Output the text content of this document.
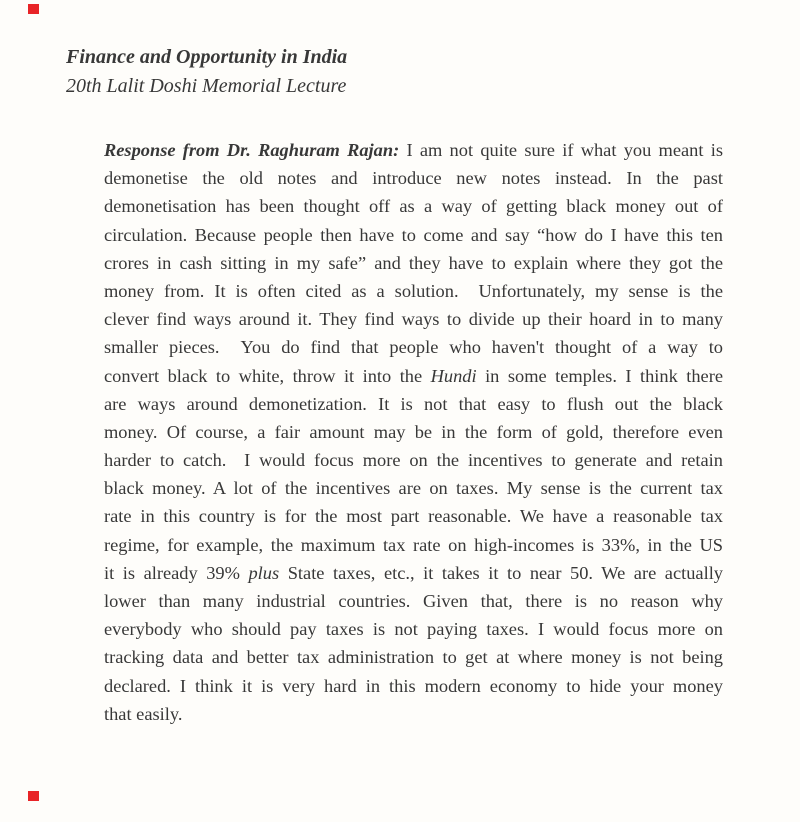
Finance and Opportunity in India
20th Lalit Doshi Memorial Lecture
Response from Dr. Raghuram Rajan: I am not quite sure if what you meant is
demonetise the old notes and introduce new notes instead. In the past
demonetisation has been thought off as a way of getting black money out of
circulation. Because people then have to come and say “how do I have this ten
crores in cash sitting in my safe” and they have to explain where they got the
money from. It is often cited as a solution.  Unfortunately, my sense is the
clever find ways around it. They find ways to divide up their hoard in to many
smaller pieces.  You do find that people who haven't thought of a way to
convert black to white, throw it into the Hundi in some temples. I think there
are ways around demonetization. It is not that easy to flush out the black
money. Of course, a fair amount may be in the form of gold, therefore even
harder to catch.  I would focus more on the incentives to generate and retain
black money. A lot of the incentives are on taxes. My sense is the current tax
rate in this country is for the most part reasonable. We have a reasonable tax
regime, for example, the maximum tax rate on high-incomes is 33%, in the US
it is already 39% plus State taxes, etc., it takes it to near 50. We are actually
lower than many industrial countries. Given that, there is no reason why
everybody who should pay taxes is not paying taxes. I would focus more on
tracking data and better tax administration to get at where money is not being
declared. I think it is very hard in this modern economy to hide your money
that easily.
